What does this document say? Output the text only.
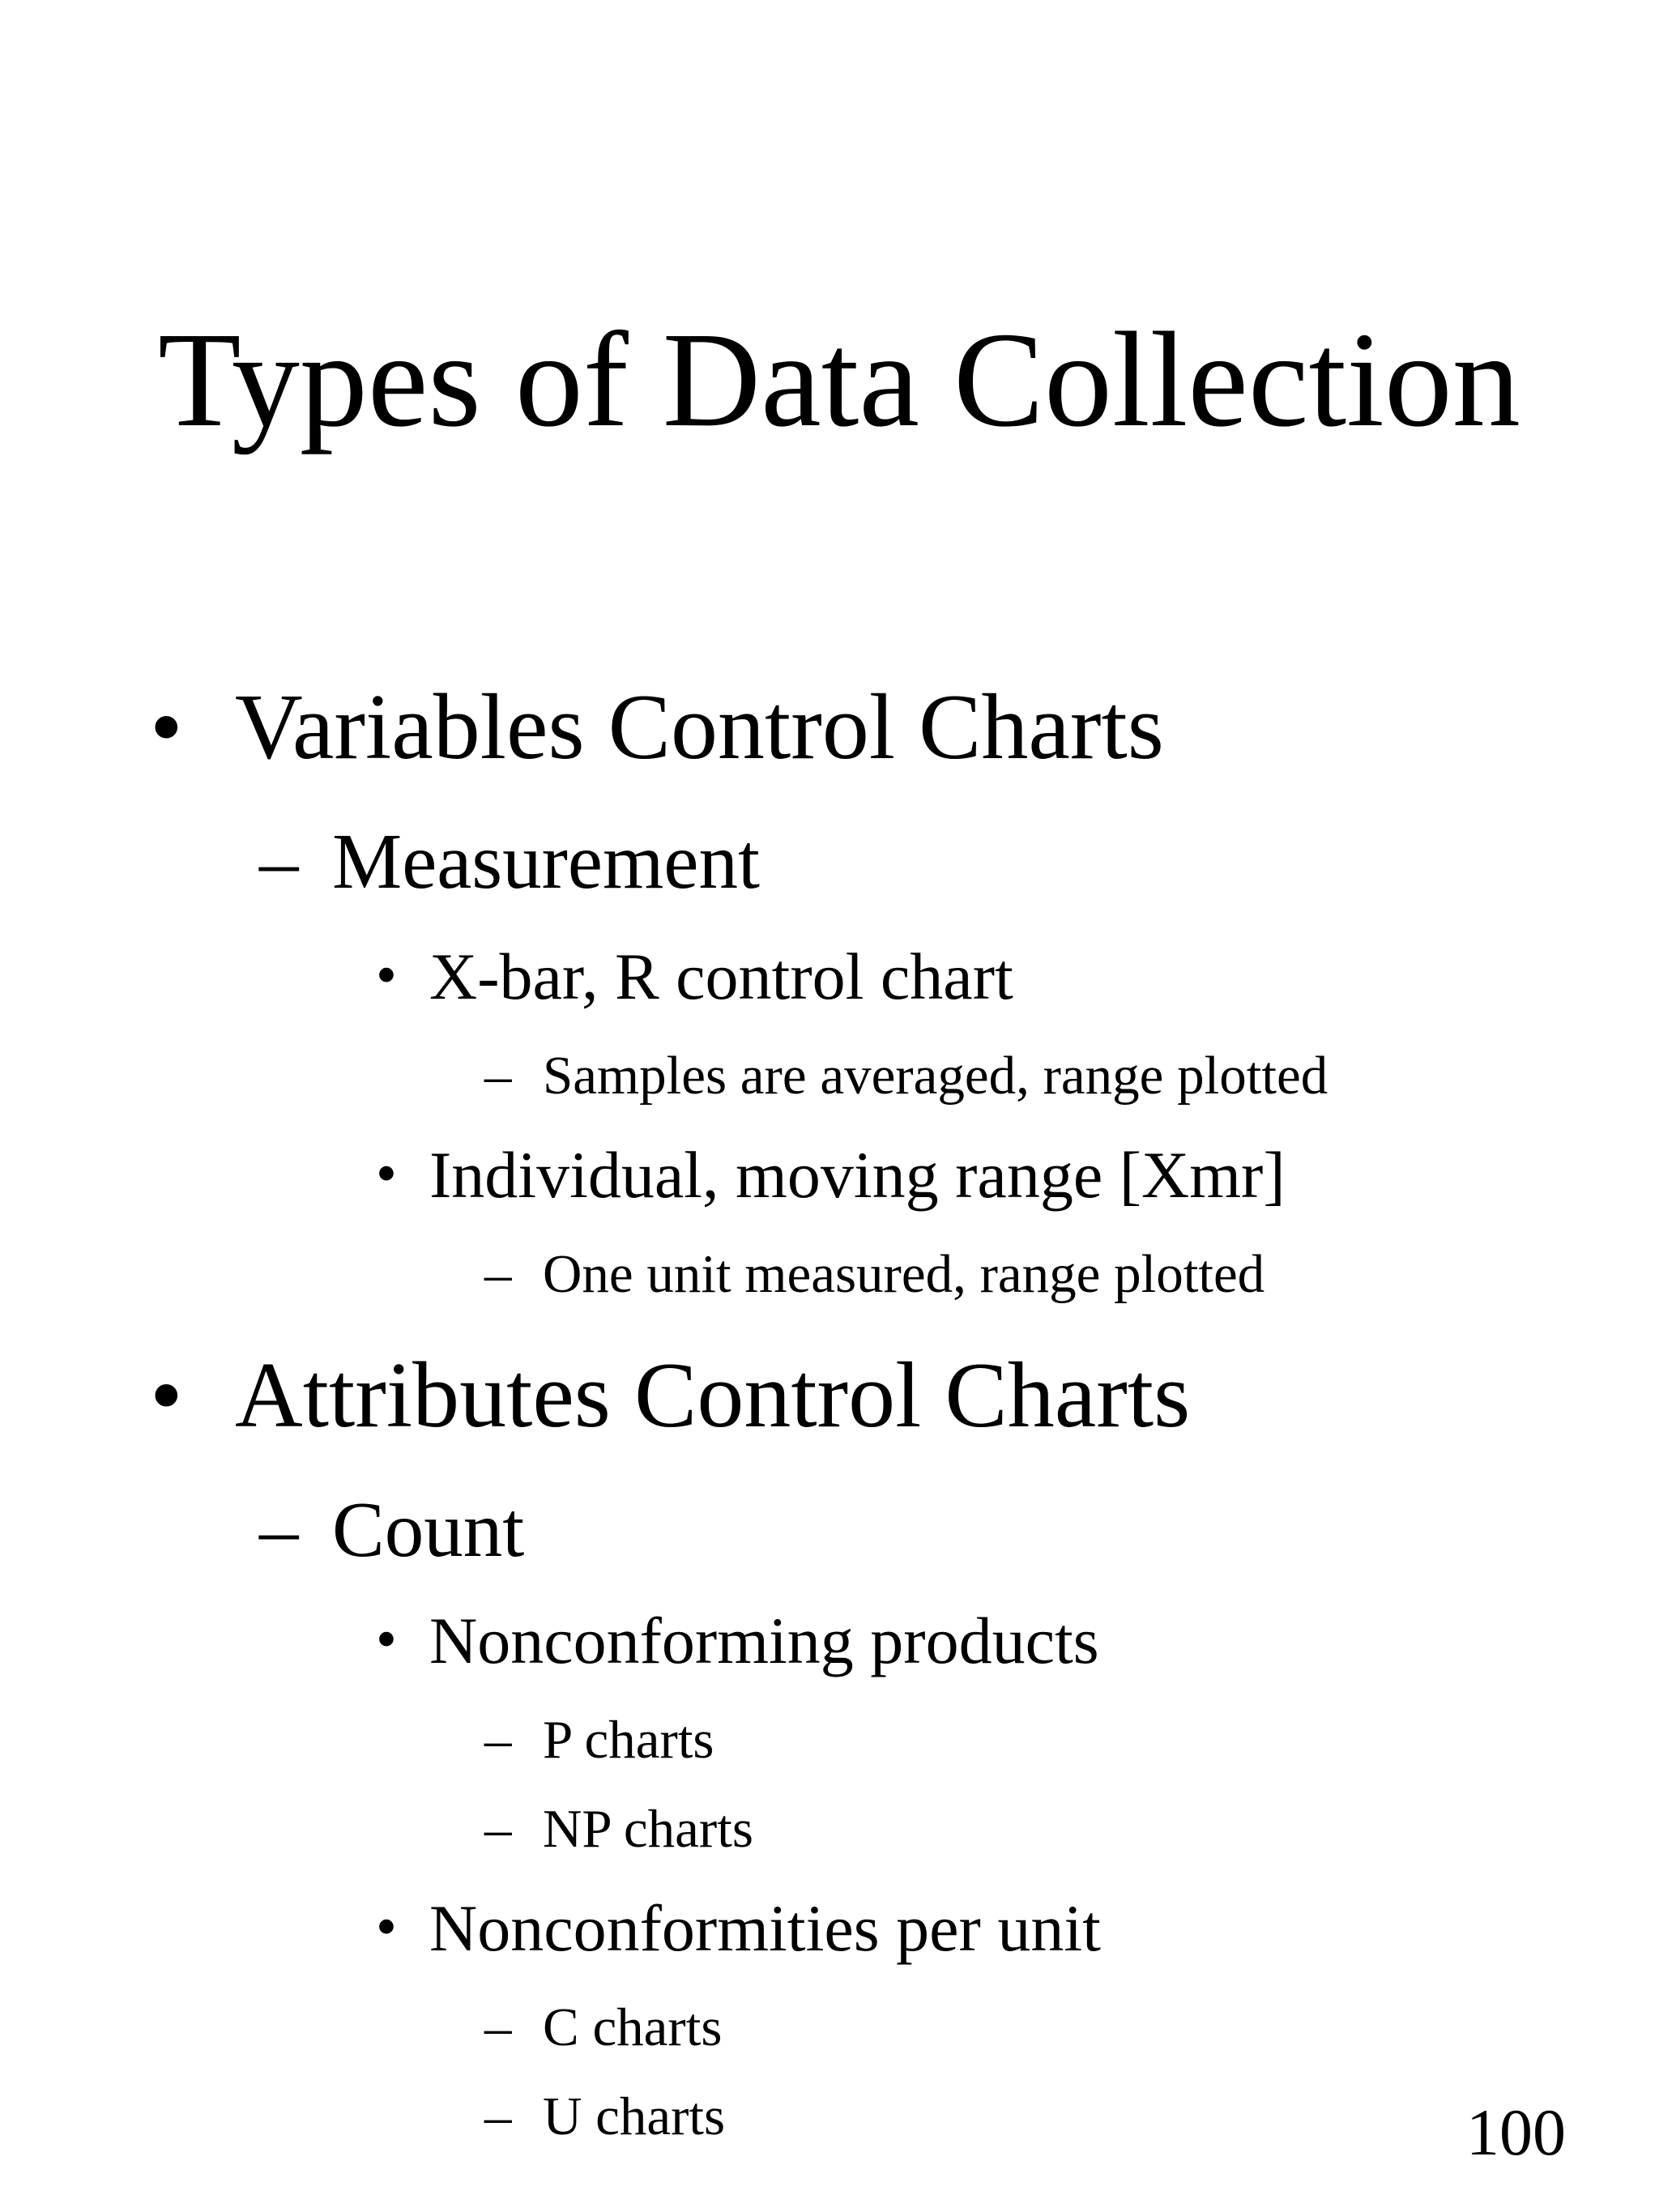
Types of Data Collection
• Variables Control Charts
– Measurement
• X-bar, R control chart
– Samples are averaged, range plotted
• Individual, moving range [Xmr]
– One unit measured, range plotted
• Attributes Control Charts
– Count
• Nonconforming products
– P charts
– NP charts
• Nonconformities per unit
– C charts
– U charts	100
